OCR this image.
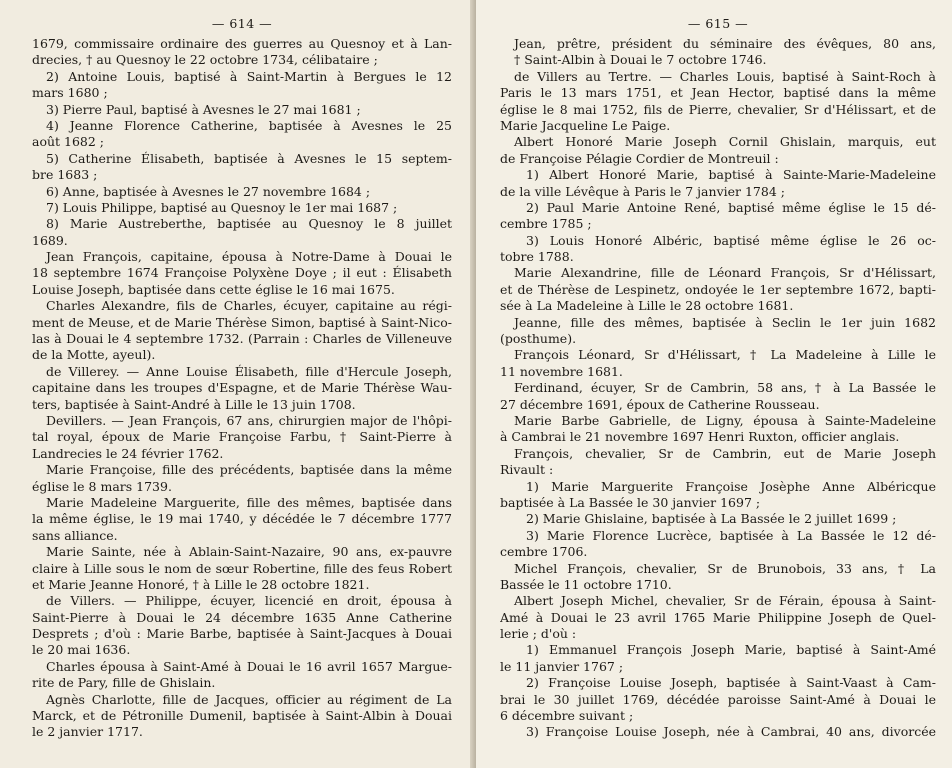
— 614 —
1679, commissaire ordinaire des guerres au Quesnoy et à Lan-
drecies, † au Quesnoy le 22 octobre 1734, célibataire ;
2) Antoine Louis, baptisé à Saint-Martin à Bergues le 12
mars 1680 ;
3) Pierre Paul, baptisé à Avesnes le 27 mai 1681 ;
4) Jeanne Florence Catherine, baptisée à Avesnes le 25
août 1682 ;
5) Catherine Élisabeth, baptisée à Avesnes le 15 septem-
bre 1683 ;
6) Anne, baptisée à Avesnes le 27 novembre 1684 ;
7) Louis Philippe, baptisé au Quesnoy le 1er mai 1687 ;
8) Marie Austreberthe, baptisée au Quesnoy le 8 juillet
1689.
Jean François, capitaine, épousa à Notre-Dame à Douai le
18 septembre 1674 Françoise Polyxène Doye ; il eut : Élisabeth
Louise Joseph, baptisée dans cette église le 16 mai 1675.
Charles Alexandre, fils de Charles, écuyer, capitaine au régi-
ment de Meuse, et de Marie Thérèse Simon, baptisé à Saint-Nico-
las à Douai le 4 septembre 1732. (Parrain : Charles de Villeneuve
de la Motte, ayeul).
de Villerey. — Anne Louise Élisabeth, fille d'Hercule Joseph,
capitaine dans les troupes d'Espagne, et de Marie Thérèse Wau-
ters, baptisée à Saint-André à Lille le 13 juin 1708.
Devillers. — Jean François, 67 ans, chirurgien major de l'hôpi-
tal royal, époux de Marie Françoise Farbu, † Saint-Pierre à
Landrecies le 24 février 1762.
Marie Françoise, fille des précédents, baptisée dans la même
église le 8 mars 1739.
Marie Madeleine Marguerite, fille des mêmes, baptisée dans
la même église, le 19 mai 1740, y décédée le 7 décembre 1777
sans alliance.
Marie Sainte, née à Ablain-Saint-Nazaire, 90 ans, ex-pauvre
claire à Lille sous le nom de sœur Robertine, fille des feus Robert
et Marie Jeanne Honoré, † à Lille le 28 octobre 1821.
de Villers. — Philippe, écuyer, licencié en droit, épousa à
Saint-Pierre à Douai le 24 décembre 1635 Anne Catherine
Desprets ; d'où : Marie Barbe, baptisée à Saint-Jacques à Douai
le 20 mai 1636.
Charles épousa à Saint-Amé à Douai le 16 avril 1657 Margue-
rite de Pary, fille de Ghislain.
Agnès Charlotte, fille de Jacques, officier au régiment de La
Marck, et de Pétronille Dumenil, baptisée à Saint-Albin à Douai
le 2 janvier 1717.
— 615 —
Jean, prêtre, président du séminaire des évêques, 80 ans,
† Saint-Albin à Douai le 7 octobre 1746.
de Villers au Tertre. — Charles Louis, baptisé à Saint-Roch à
Paris le 13 mars 1751, et Jean Hector, baptisé dans la même
église le 8 mai 1752, fils de Pierre, chevalier, Sr d'Hélissart, et de
Marie Jacqueline Le Paige.
Albert Honoré Marie Joseph Cornil Ghislain, marquis, eut
de Françoise Pélagie Cordier de Montreuil :
1) Albert Honoré Marie, baptisé à Sainte-Marie-Madeleine
de la ville Lévêque à Paris le 7 janvier 1784 ;
2) Paul Marie Antoine René, baptisé même église le 15 dé-
cembre 1785 ;
3) Louis Honoré Albéric, baptisé même église le 26 oc-
tobre 1788.
Marie Alexandrine, fille de Léonard François, Sr d'Hélissart,
et de Thérèse de Lespinetz, ondoyée le 1er septembre 1672, bapti-
sée à La Madeleine à Lille le 28 octobre 1681.
Jeanne, fille des mêmes, baptisée à Seclin le 1er juin 1682
(posthume).
François Léonard, Sr d'Hélissart, † La Madeleine à Lille le
11 novembre 1681.
Ferdinand, écuyer, Sr de Cambrin, 58 ans, † à La Bassée le
27 décembre 1691, époux de Catherine Rousseau.
Marie Barbe Gabrielle, de Ligny, épousa à Sainte-Madeleine
à Cambrai le 21 novembre 1697 Henri Ruxton, officier anglais.
François, chevalier, Sr de Cambrin, eut de Marie Joseph
Rivault :
1) Marie Marguerite Françoise Josèphe Anne Albéricque
baptisée à La Bassée le 30 janvier 1697 ;
2) Marie Ghislaine, baptisée à La Bassée le 2 juillet 1699 ;
3) Marie Florence Lucrèce, baptisée à La Bassée le 12 dé-
cembre 1706.
Michel François, chevalier, Sr de Brunobois, 33 ans, † La
Bassée le 11 octobre 1710.
Albert Joseph Michel, chevalier, Sr de Férain, épousa à Saint-
Amé à Douai le 23 avril 1765 Marie Philippine Joseph de Quel-
lerie ; d'où :
1) Emmanuel François Joseph Marie, baptisé à Saint-Amé
le 11 janvier 1767 ;
2) Françoise Louise Joseph, baptisée à Saint-Vaast à Cam-
brai le 30 juillet 1769, décédée paroisse Saint-Amé à Douai le
6 décembre suivant ;
3) Françoise Louise Joseph, née à Cambrai, 40 ans, divorcée
